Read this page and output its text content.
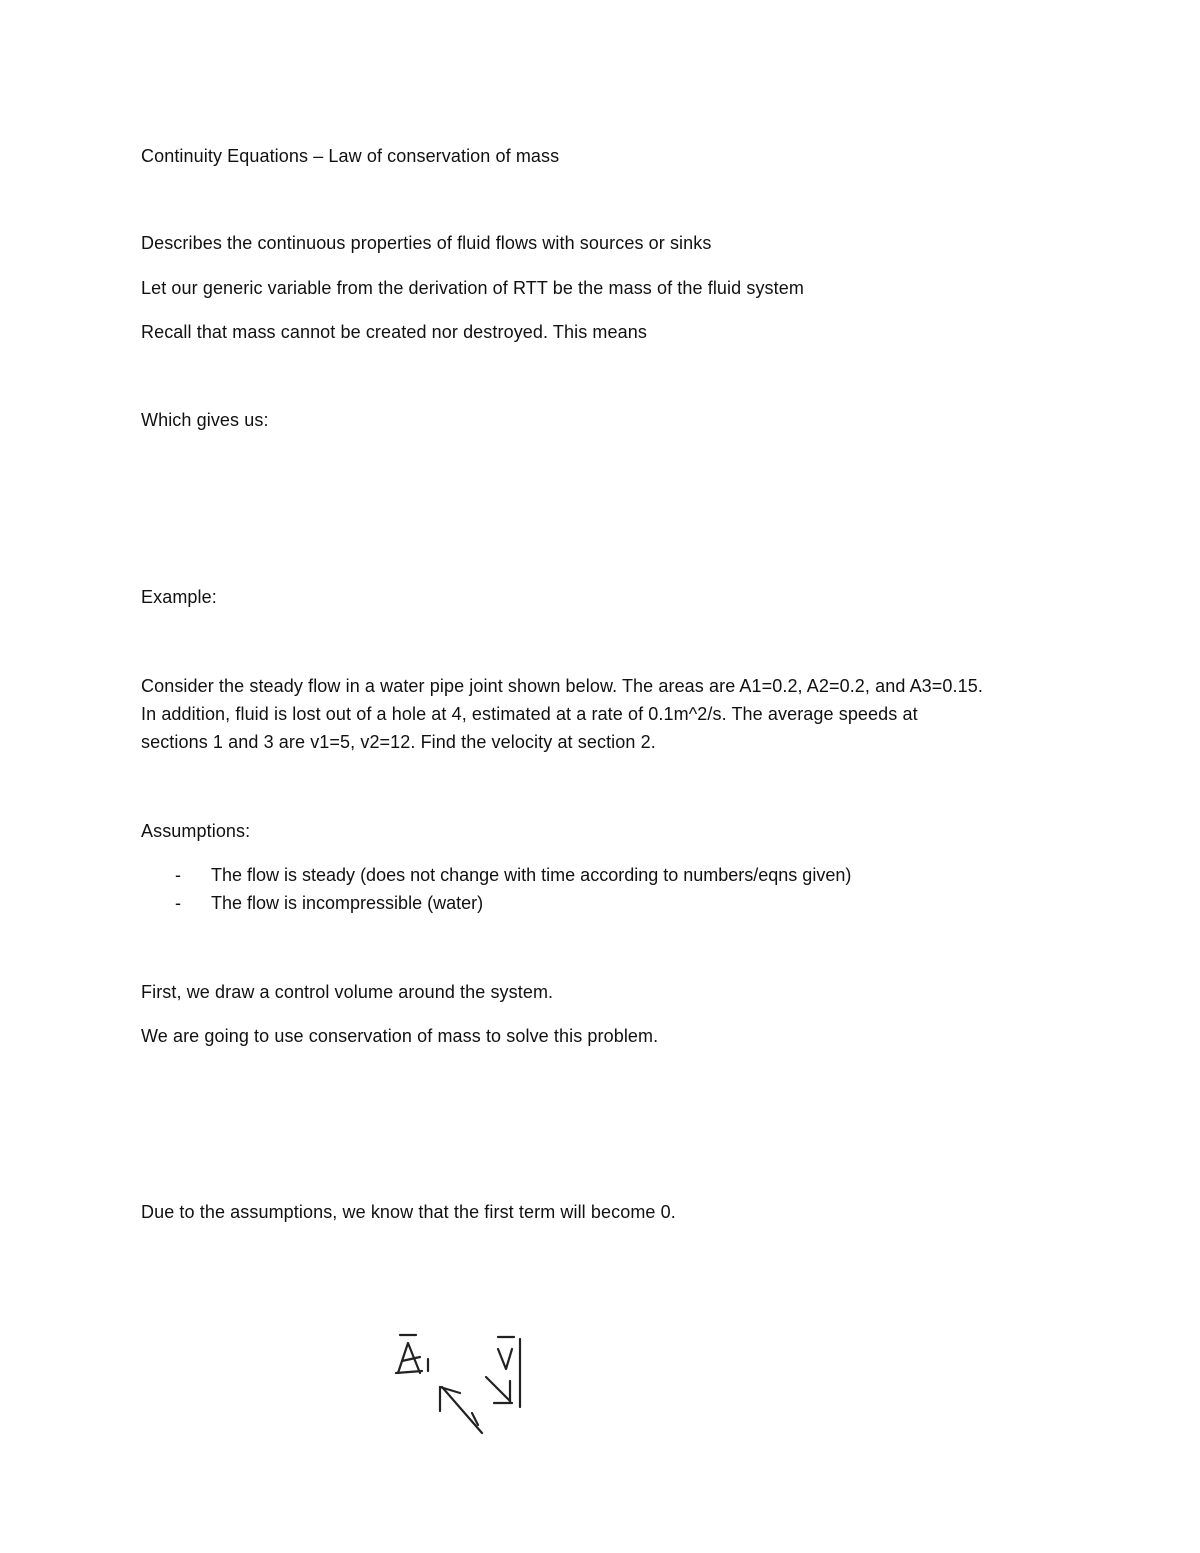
Continuity Equations – Law of conservation of mass
Describes the continuous properties of fluid flows with sources or sinks
Let our generic variable from the derivation of RTT be the mass of the fluid system
Recall that mass cannot be created nor destroyed. This means
Which gives us:
Example:
Consider the steady flow in a water pipe joint shown below. The areas are A1=0.2, A2=0.2, and A3=0.15.
In addition, fluid is lost out of a hole at 4, estimated at a rate of 0.1m^2/s. The average speeds at
sections 1 and 3 are v1=5, v2=12. Find the velocity at section 2.
Assumptions:
- The flow is steady (does not change with time according to numbers/eqns given)
- The flow is incompressible (water)
First, we draw a control volume around the system.
We are going to use conservation of mass to solve this problem.
Due to the assumptions, we know that the first term will become 0.
